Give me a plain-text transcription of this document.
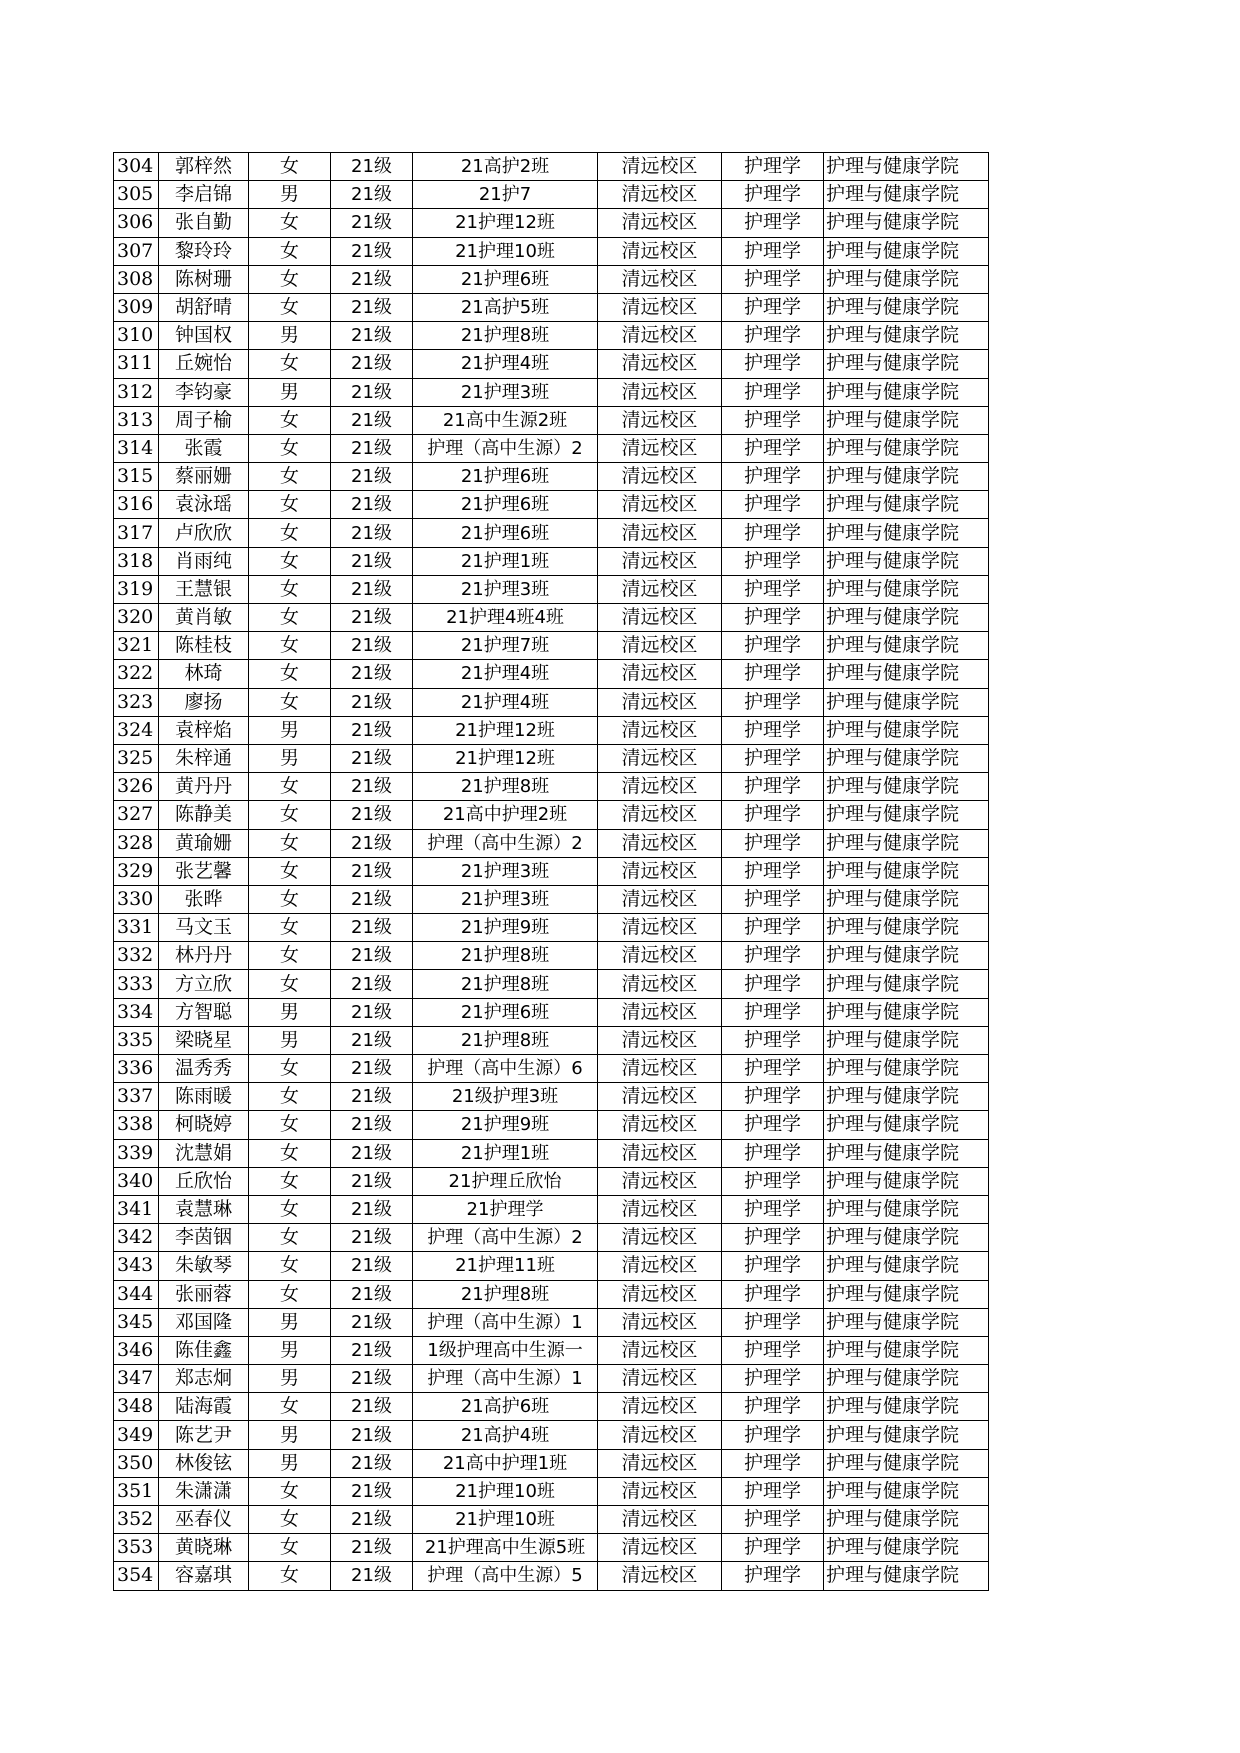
304	郭梓然	女	21级	21高护2班	清远校区	护理学	护理与健康学院
305	李启锦	男	21级	21护7	清远校区	护理学	护理与健康学院
306	张自勤	女	21级	21护理12班	清远校区	护理学	护理与健康学院
307	黎玲玲	女	21级	21护理10班	清远校区	护理学	护理与健康学院
308	陈树珊	女	21级	21护理6班	清远校区	护理学	护理与健康学院
309	胡舒晴	女	21级	21高护5班	清远校区	护理学	护理与健康学院
310	钟国权	男	21级	21护理8班	清远校区	护理学	护理与健康学院
311	丘婉怡	女	21级	21护理4班	清远校区	护理学	护理与健康学院
312	李钧豪	男	21级	21护理3班	清远校区	护理学	护理与健康学院
313	周子榆	女	21级	21高中生源2班	清远校区	护理学	护理与健康学院
314	张霞	女	21级	护理（高中生源）2	清远校区	护理学	护理与健康学院
315	蔡丽姗	女	21级	21护理6班	清远校区	护理学	护理与健康学院
316	袁泳瑶	女	21级	21护理6班	清远校区	护理学	护理与健康学院
317	卢欣欣	女	21级	21护理6班	清远校区	护理学	护理与健康学院
318	肖雨纯	女	21级	21护理1班	清远校区	护理学	护理与健康学院
319	王慧银	女	21级	21护理3班	清远校区	护理学	护理与健康学院
320	黄肖敏	女	21级	21护理4班4班	清远校区	护理学	护理与健康学院
321	陈桂枝	女	21级	21护理7班	清远校区	护理学	护理与健康学院
322	林琦	女	21级	21护理4班	清远校区	护理学	护理与健康学院
323	廖扬	女	21级	21护理4班	清远校区	护理学	护理与健康学院
324	袁梓焰	男	21级	21护理12班	清远校区	护理学	护理与健康学院
325	朱梓通	男	21级	21护理12班	清远校区	护理学	护理与健康学院
326	黄丹丹	女	21级	21护理8班	清远校区	护理学	护理与健康学院
327	陈静美	女	21级	21高中护理2班	清远校区	护理学	护理与健康学院
328	黄瑜姗	女	21级	护理（高中生源）2	清远校区	护理学	护理与健康学院
329	张艺馨	女	21级	21护理3班	清远校区	护理学	护理与健康学院
330	张晔	女	21级	21护理3班	清远校区	护理学	护理与健康学院
331	马文玉	女	21级	21护理9班	清远校区	护理学	护理与健康学院
332	林丹丹	女	21级	21护理8班	清远校区	护理学	护理与健康学院
333	方立欣	女	21级	21护理8班	清远校区	护理学	护理与健康学院
334	方智聪	男	21级	21护理6班	清远校区	护理学	护理与健康学院
335	梁晓星	男	21级	21护理8班	清远校区	护理学	护理与健康学院
336	温秀秀	女	21级	护理（高中生源）6	清远校区	护理学	护理与健康学院
337	陈雨暖	女	21级	21级护理3班	清远校区	护理学	护理与健康学院
338	柯晓婷	女	21级	21护理9班	清远校区	护理学	护理与健康学院
339	沈慧娟	女	21级	21护理1班	清远校区	护理学	护理与健康学院
340	丘欣怡	女	21级	21护理丘欣怡	清远校区	护理学	护理与健康学院
341	袁慧琳	女	21级	21护理学	清远校区	护理学	护理与健康学院
342	李茵铟	女	21级	护理（高中生源）2	清远校区	护理学	护理与健康学院
343	朱敏琴	女	21级	21护理11班	清远校区	护理学	护理与健康学院
344	张丽蓉	女	21级	21护理8班	清远校区	护理学	护理与健康学院
345	邓国隆	男	21级	护理（高中生源）1	清远校区	护理学	护理与健康学院
346	陈佳鑫	男	21级	1级护理高中生源一	清远校区	护理学	护理与健康学院
347	郑志炯	男	21级	护理（高中生源）1	清远校区	护理学	护理与健康学院
348	陆海霞	女	21级	21高护6班	清远校区	护理学	护理与健康学院
349	陈艺尹	男	21级	21高护4班	清远校区	护理学	护理与健康学院
350	林俊铉	男	21级	21高中护理1班	清远校区	护理学	护理与健康学院
351	朱潇潇	女	21级	21护理10班	清远校区	护理学	护理与健康学院
352	巫春仪	女	21级	21护理10班	清远校区	护理学	护理与健康学院
353	黄晓琳	女	21级	21护理高中生源5班	清远校区	护理学	护理与健康学院
354	容嘉琪	女	21级	护理（高中生源）5	清远校区	护理学	护理与健康学院
